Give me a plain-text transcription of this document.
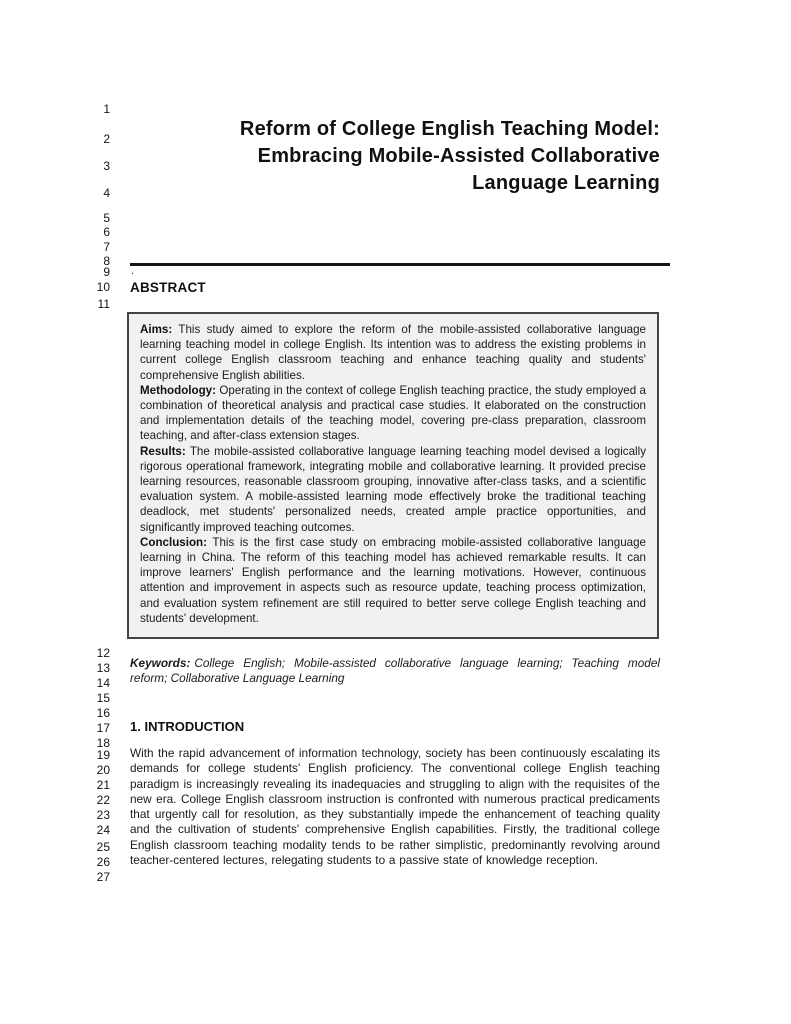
1
2
3
4
5
6
7
8
9
10
11
12
13
14
15
16
17
18
19
20
21
22
23
24
25
26
27
Reform of College English Teaching Model:
Embracing Mobile-Assisted Collaborative
Language Learning
.
ABSTRACT

Aims: This study aimed to explore the reform of the mobile-assisted collaborative language learning teaching model in college English. Its intention was to address the existing problems in current college English classroom teaching and enhance teaching quality and students' comprehensive English abilities.

Methodology: Operating in the context of college English teaching practice, the study employed a combination of theoretical analysis and practical case studies. It elaborated on the construction and implementation details of the teaching model, covering pre-class preparation, classroom teaching, and after-class extension stages.

Results: The mobile-assisted collaborative language learning teaching model devised a logically rigorous operational framework, integrating mobile and collaborative learning. It provided precise learning resources, reasonable classroom grouping, innovative after-class tasks, and a scientific evaluation system. A mobile-assisted learning mode effectively broke the traditional teaching deadlock, met students' personalized needs, created ample practice opportunities, and significantly improved teaching outcomes.

Conclusion: This is the first case study on embracing mobile-assisted collaborative language learning in China. The reform of this teaching model has achieved remarkable results. It can improve learners' English performance and the learning motivations. However, continuous attention and improvement in aspects such as resource update, teaching process optimization, and evaluation system refinement are still required to better serve college English teaching and students' development.

Keywords: College English; Mobile-assisted collaborative language learning; Teaching model reform; Collaborative Language Learning

1. INTRODUCTION

With the rapid advancement of information technology, society has been continuously escalating its demands for college students' English proficiency. The conventional college English teaching paradigm is increasingly revealing its inadequacies and struggling to align with the requisites of the new era. College English classroom instruction is confronted with numerous practical predicaments that urgently call for resolution, as they substantially impede the enhancement of teaching quality and the cultivation of students' comprehensive English capabilities. Firstly, the traditional college English classroom teaching modality tends to be rather simplistic, predominantly revolving around teacher-centered lectures, relegating students to a passive state of knowledge reception.
